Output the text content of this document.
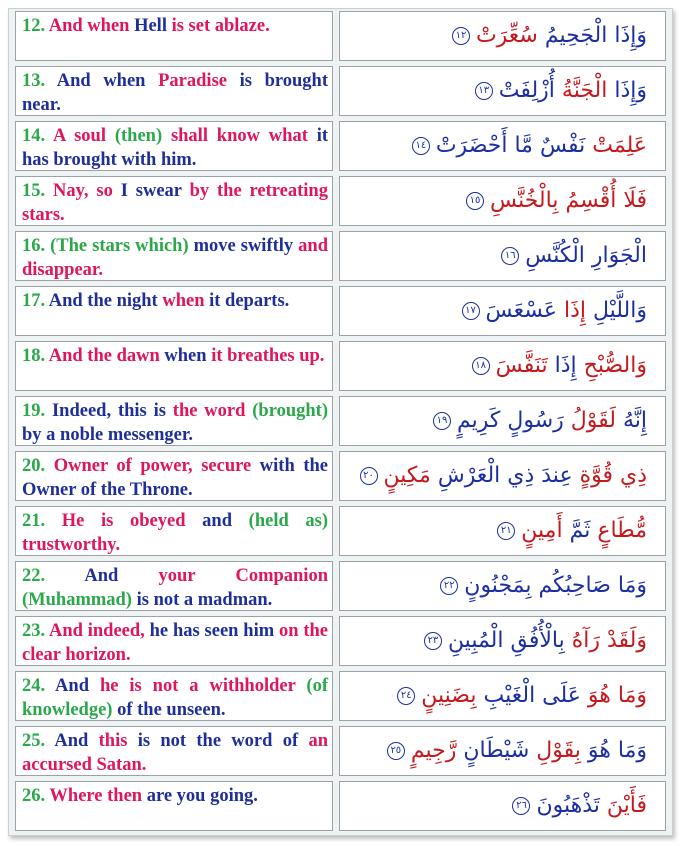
12. And when Hell is set ablaze.	وَإِذَا الْجَحِيمُ سُعِّرَتْ١٢
13. And when Paradise is brought near.
وَإِذَا الْجَنَّةُ أُزْلِفَتْ١٣
14. A soul (then) shall know what it has brought with him.
عَلِمَتْ نَفْسٌ مَّا أَحْضَرَتْ١٤
15. Nay, so I swear by the retreating stars.
فَلَا أُقْسِمُ بِالْخُنَّسِ١٥
16. (The stars which) move swiftly and disappear.
الْجَوَارِ الْكُنَّسِ١٦
17. And the night when it departs.	وَاللَّيْلِ إِذَا عَسْعَسَ١٧
18. And the dawn when it breathes up.	وَالصُّبْحِ إِذَا تَنَفَّسَ١٨
19. Indeed, this is the word (brought) by a noble messenger.
إِنَّهُ لَقَوْلُ رَسُولٍ كَرِيمٍ١٩
20. Owner of power, secure with the Owner of the Throne.
ذِي قُوَّةٍ عِندَ ذِي الْعَرْشِ مَكِينٍ٢٠
21. He is obeyed and (held as) trustworthy.
مُّطَاعٍ ثَمَّ أَمِينٍ٢١
22. And your Companion (Muhammad) is not a madman.
وَمَا صَاحِبُكُم بِمَجْنُونٍ٢٢
23. And indeed, he has seen him on the clear horizon.
وَلَقَدْ رَآهُ بِالْأُفُقِ الْمُبِينِ٢٣
24. And he is not a withholder (of knowledge) of the unseen.
وَمَا هُوَ عَلَى الْغَيْبِ بِضَنِينٍ٢٤
25. And this is not the word of an accursed Satan.
وَمَا هُوَ بِقَوْلِ شَيْطَانٍ رَّجِيمٍ٢٥
26. Where then are you going.	فَأَيْنَ تَذْهَبُونَ٢٦
